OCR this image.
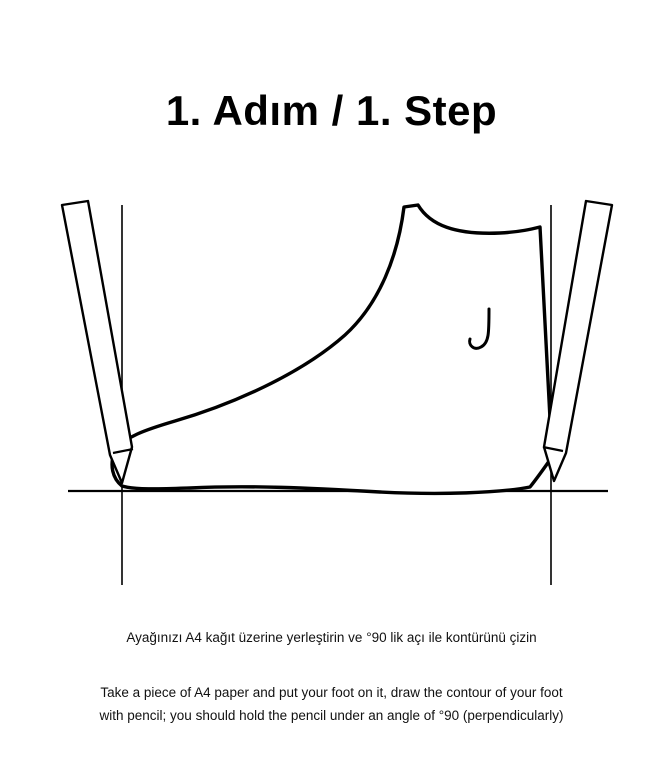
1. Adım / 1. Step
Ayağınızı A4 kağıt üzerine yerleştirin ve °90 lik açı ile kontürünü çizin
Take a piece of A4 paper and put your foot on it, draw the contour of your foot
with pencil; you should hold the pencil under an angle of °90 (perpendicularly)
